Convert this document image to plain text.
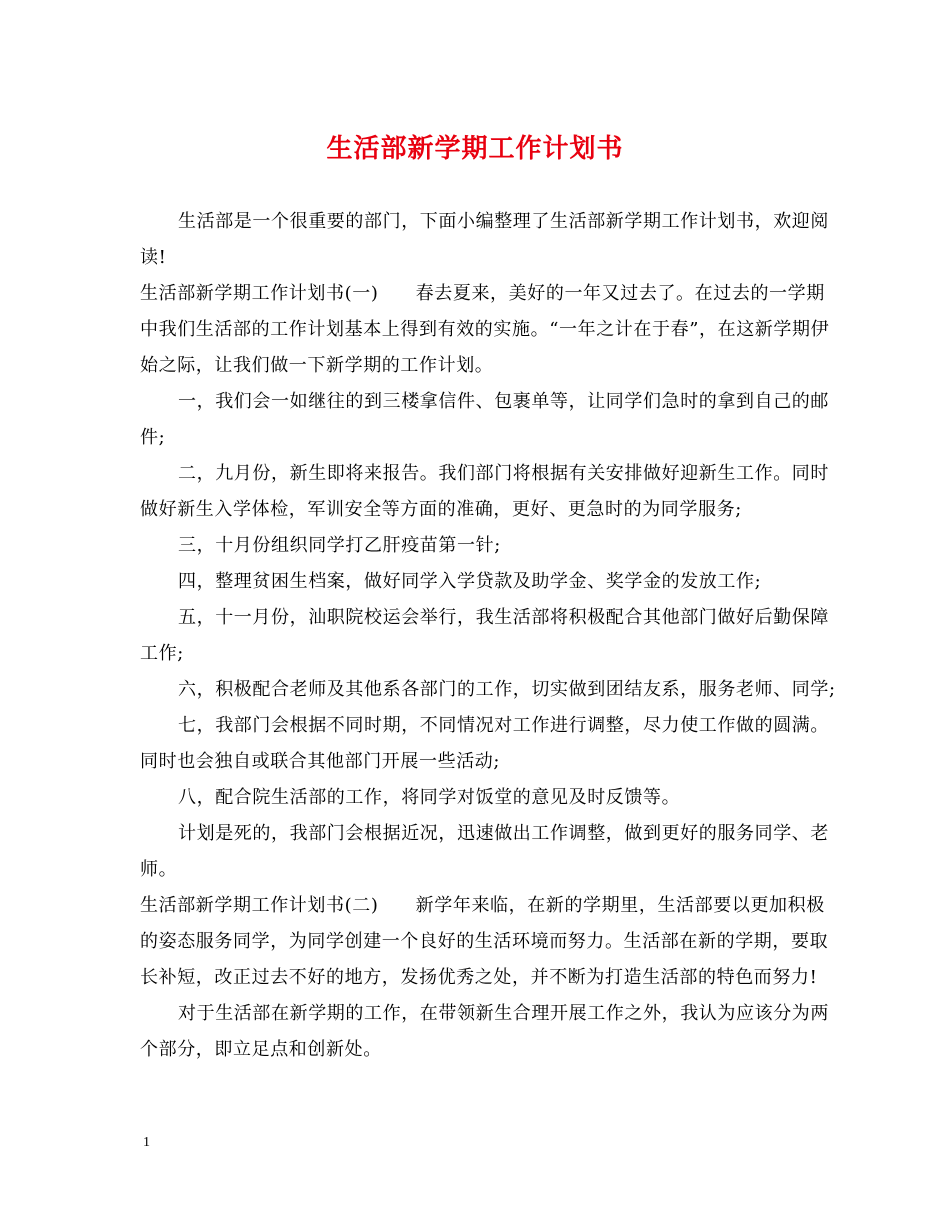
生活部新学期工作计划书

生活部是一个很重要的部门，下面小编整理了生活部新学期工作计划书，欢迎阅读!

生活部新学期工作计划书(一)　　春去夏来，美好的一年又过去了。在过去的一学期中我们生活部的工作计划基本上得到有效的实施。“一年之计在于春”，在这新学期伊始之际，让我们做一下新学期的工作计划。

一，我们会一如继往的到三楼拿信件、包裹单等，让同学们急时的拿到自己的邮件;

二，九月份，新生即将来报告。我们部门将根据有关安排做好迎新生工作。同时做好新生入学体检，军训安全等方面的准确，更好、更急时的为同学服务;

三，十月份组织同学打乙肝疫苗第一针;

四，整理贫困生档案，做好同学入学贷款及助学金、奖学金的发放工作;

五，十一月份，汕职院校运会举行，我生活部将积极配合其他部门做好后勤保障工作;

六，积极配合老师及其他系各部门的工作，切实做到团结友系，服务老师、同学;

七，我部门会根据不同时期，不同情况对工作进行调整，尽力使工作做的圆满。同时也会独自或联合其他部门开展一些活动;

八，配合院生活部的工作，将同学对饭堂的意见及时反馈等。

计划是死的，我部门会根据近况，迅速做出工作调整，做到更好的服务同学、老师。

生活部新学期工作计划书(二)　　新学年来临，在新的学期里，生活部要以更加积极的姿态服务同学，为同学创建一个良好的生活环境而努力。生活部在新的学期，要取长补短，改正过去不好的地方，发扬优秀之处，并不断为打造生活部的特色而努力!

对于生活部在新学期的工作，在带领新生合理开展工作之外，我认为应该分为两个部分，即立足点和创新处。

1
